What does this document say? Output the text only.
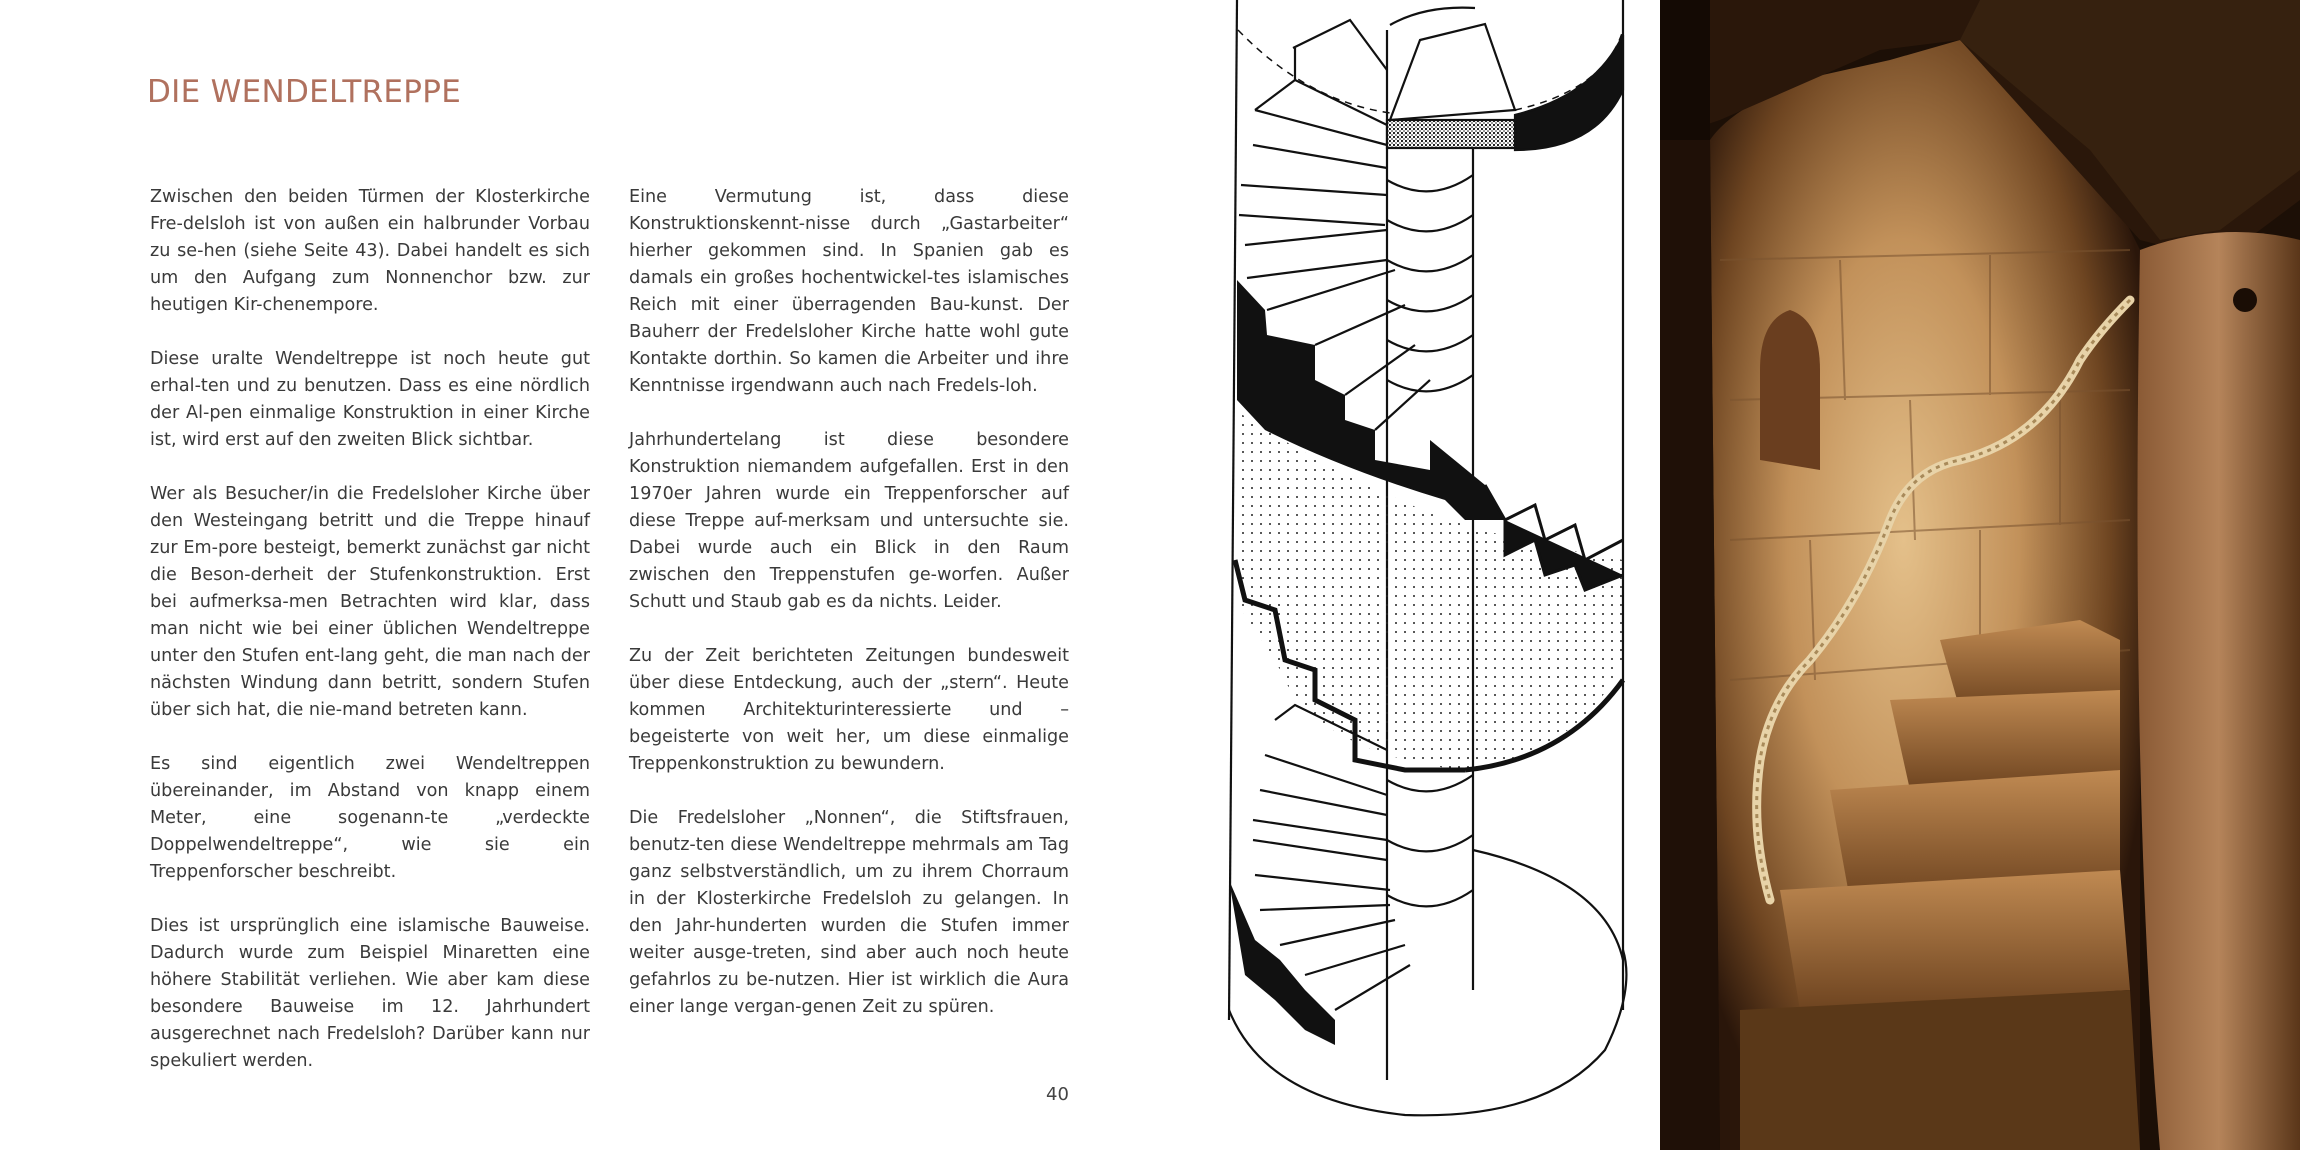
DIE WENDELTREPPE

Zwischen den beiden Türmen der Klosterkirche Fre-delsloh ist von außen ein halbrunder Vorbau zu se-hen (siehe Seite 43). Dabei handelt es sich um den Aufgang zum Nonnenchor bzw. zur heutigen Kir-chenempore.

Diese uralte Wendeltreppe ist noch heute gut erhal-ten und zu benutzen. Dass es eine nördlich der Al-pen einmalige Konstruktion in einer Kirche ist, wird erst auf den zweiten Blick sichtbar.

Wer als Besucher/in die Fredelsloher Kirche über den Westeingang betritt und die Treppe hinauf zur Em-pore besteigt, bemerkt zunächst gar nicht die Beson-derheit der Stufenkonstruktion. Erst bei aufmerksa-men Betrachten wird klar, dass man nicht wie bei einer üblichen Wendeltreppe unter den Stufen ent-lang geht, die man nach der nächsten Windung dann betritt, sondern Stufen über sich hat, die nie-mand betreten kann.

Es sind eigentlich zwei Wendeltreppen übereinander, im Abstand von knapp einem Meter, eine sogenann-te „verdeckte Doppelwendeltreppe“, wie sie ein Treppenforscher beschreibt.

Dies ist ursprünglich eine islamische Bauweise. Dadurch wurde zum Beispiel Minaretten eine höhere Stabilität verliehen. Wie aber kam diese besondere Bauweise im 12. Jahrhundert ausgerechnet nach Fredelsloh? Darüber kann nur spekuliert werden.

Eine Vermutung ist, dass diese Konstruktionskennt-nisse durch „Gastarbeiter“ hierher gekommen sind. In Spanien gab es damals ein großes hochentwickel-tes islamisches Reich mit einer überragenden Bau-kunst. Der Bauherr der Fredelsloher Kirche hatte wohl gute Kontakte dorthin. So kamen die Arbeiter und ihre Kenntnisse irgendwann auch nach Fredels-loh.

Jahrhundertelang ist diese besondere Konstruktion niemandem aufgefallen. Erst in den 1970er Jahren wurde ein Treppenforscher auf diese Treppe auf-merksam und untersuchte sie. Dabei wurde auch ein Blick in den Raum zwischen den Treppenstufen ge-worfen. Außer Schutt und Staub gab es da nichts. Leider.

Zu der Zeit berichteten Zeitungen bundesweit über diese Entdeckung, auch der „stern“. Heute kommen Architekturinteressierte und –begeisterte von weit her, um diese einmalige Treppenkonstruktion zu bewundern.

Die Fredelsloher „Nonnen“, die Stiftsfrauen, benutz-ten diese Wendeltreppe mehrmals am Tag ganz selbstverständlich, um zu ihrem Chorraum in der Klosterkirche Fredelsloh zu gelangen. In den Jahr-hunderten wurden die Stufen immer weiter ausge-treten, sind aber auch noch heute gefahrlos zu be-nutzen. Hier ist wirklich die Aura einer lange vergan-genen Zeit zu spüren.

40
